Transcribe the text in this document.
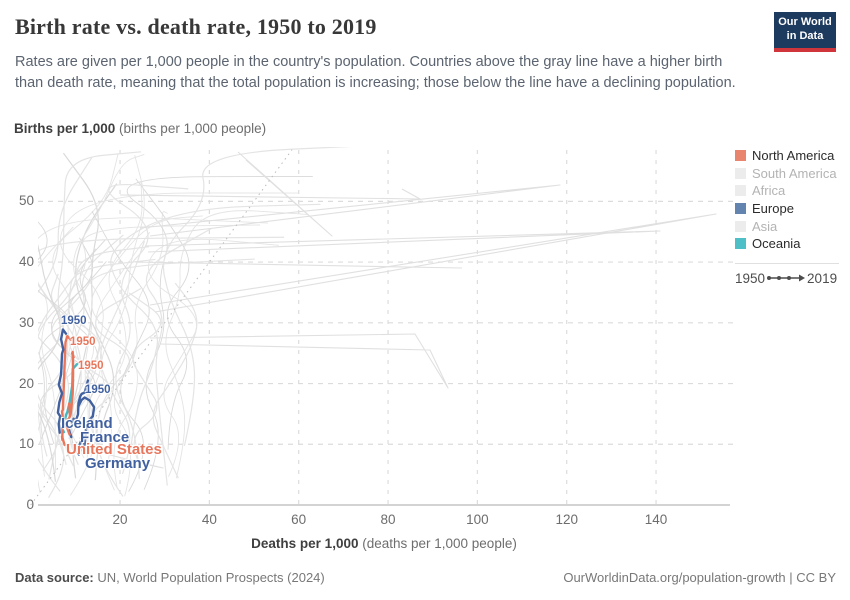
Birth rate vs. death rate, 1950 to 2019	Our World
in Data
Rates are given per 1,000 people in the country's population. Countries above the gray line have a higher birth than death rate, meaning that the total population is increasing; those below the line have a declining population.
Births per 1,000 (births per 1,000 people)
0
10
20
30
40
50
20	40	60	80	100	120	140
1950
1950
1950
1950
Iceland
France
United States
Germany
Deaths per 1,000 (deaths per 1,000 people)
North America
South America
Africa
Europe
Asia
Oceania
1950	2019
Data source: UN, World Population Prospects (2024)	OurWorldinData.org/population-growth | CC BY
